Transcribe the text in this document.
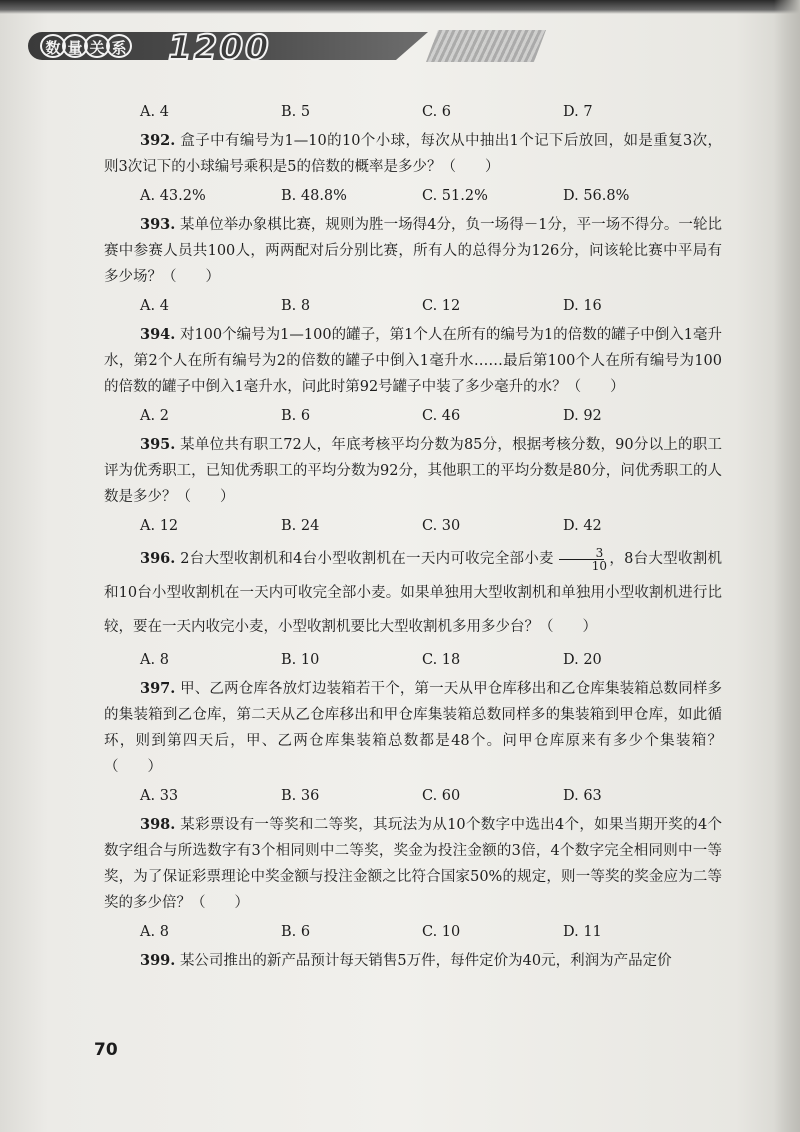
数 量 关 系 1200
A. 4	B. 5	C. 6	D. 7

392. 盒子中有编号为1—10的10个小球，每次从中抽出1个记下后放回，如是重复3次，则3次记下的小球编号乘积是5的倍数的概率是多少？（　　）

A. 43.2%	B. 48.8%	C. 51.2%	D. 56.8%

393. 某单位举办象棋比赛，规则为胜一场得4分，负一场得－1分，平一场不得分。一轮比赛中参赛人员共100人，两两配对后分别比赛，所有人的总得分为126分，问该轮比赛中平局有多少场？（　　）

A. 4	B. 8	C. 12	D. 16

394. 对100个编号为1—100的罐子，第1个人在所有的编号为1的倍数的罐子中倒入1毫升水，第2个人在所有编号为2的倍数的罐子中倒入1毫升水……最后第100个人在所有编号为100的倍数的罐子中倒入1毫升水，问此时第92号罐子中装了多少毫升的水？（　　）

A. 2	B. 6	C. 46	D. 92

395. 某单位共有职工72人，年底考核平均分数为85分，根据考核分数，90分以上的职工评为优秀职工，已知优秀职工的平均分数为92分，其他职工的平均分数是80分，问优秀职工的人数是多少？（　　）

A. 12	B. 24	C. 30	D. 42

396. 2台大型收割机和4台小型收割机在一天内可收完全部小麦 $\frac{3}{10}$ ，8台大型收割机和10台小型收割机在一天内可收完全部小麦。如果单独用大型收割机和单独用小型收割机进行比较，要在一天内收完小麦，小型收割机要比大型收割机多用多少台？（　　）

A. 8	B. 10	C. 18	D. 20

397. 甲、乙两仓库各放灯边装箱若干个，第一天从甲仓库移出和乙仓库集装箱总数同样多的集装箱到乙仓库，第二天从乙仓库移出和甲仓库集装箱总数同样多的集装箱到甲仓库，如此循环，则到第四天后，甲、乙两仓库集装箱总数都是48个。问甲仓库原来有多少个集装箱？（　　）

A. 33	B. 36	C. 60	D. 63

398. 某彩票设有一等奖和二等奖，其玩法为从10个数字中选出4个，如果当期开奖的4个数字组合与所选数字有3个相同则中二等奖，奖金为投注金额的3倍，4个数字完全相同则中一等奖，为了保证彩票理论中奖金额与投注金额之比符合国家50%的规定，则一等奖的奖金应为二等奖的多少倍？（　　）

A. 8	B. 6	C. 10	D. 11

399. 某公司推出的新产品预计每天销售5万件，每件定价为40元，利润为产品定价

70
